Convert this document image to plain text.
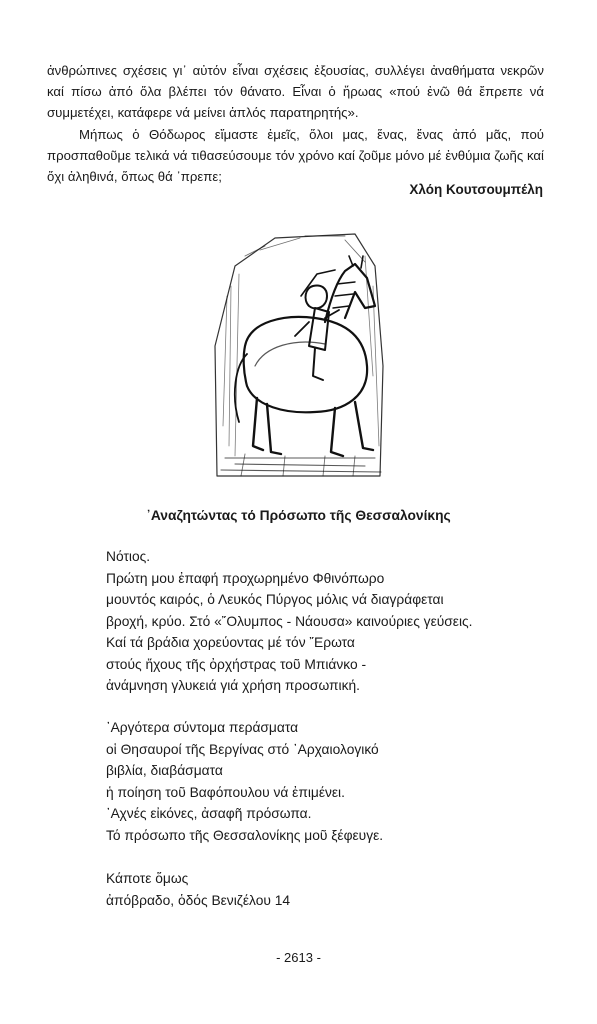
ἀνθρώπινες σχέσεις γι᾽ αὐτόν εἶναι σχέσεις ἐξουσίας, συλλέγει ἀναθήματα νεκρῶν καί πίσω ἀπό ὅλα βλέπει τόν θάνατο. Εἶναι ὁ ἥρωας «πού ἐνῶ θά ἔπρεπε νά συμμετέχει, κατάφερε νά μείνει ἁπλός παρατηρητής».

Μήπως ὁ Θόδωρος εἴμαστε ἐμεῖς, ὅλοι μας, ἕνας, ἕνας ἀπό μᾶς, πού προσπαθοῦμε τελικά νά τιθασεύσουμε τόν χρόνο καί ζοῦμε μόνο μέ ἐνθύμια ζωῆς καί ὄχι ἀληθινά, ὅπως θά ᾽πρεπε;

Χλόη Κουτσουμπέλη
᾽Αναζητώντας τό Πρόσωπο τῆς Θεσσαλονίκης
Νότιος.
Πρώτη μου ἐπαφή προχωρημένο Φθινόπωρο
μουντός καιρός, ὁ Λευκός Πύργος μόλις νά διαγράφεται
βροχή, κρύο. Στό «῎Ολυμπος - Νάουσα» καινούριες γεύσεις.
Καί τά βράδια χορεύοντας μέ τόν ῎Ερωτα
στούς ἤχους τῆς ὀρχήστρας τοῦ Μπιάνκο -
ἀνάμνηση γλυκειά γιά χρήση προσωπική.
᾽Αργότερα σύντομα περάσματα
οἱ Θησαυροί τῆς Βεργίνας στό ᾽Αρχαιολογικό
βιβλία, διαβάσματα
ἡ ποίηση τοῦ Βαφόπουλου νά ἐπιμένει.
᾽Αχνές εἰκόνες, ἀσαφῆ πρόσωπα.
Τό πρόσωπο τῆς Θεσσαλονίκης μοῦ ξέφευγε.
Κάποτε ὅμως
ἀπόβραδο, ὁδός Βενιζέλου 14
- 2613 -
